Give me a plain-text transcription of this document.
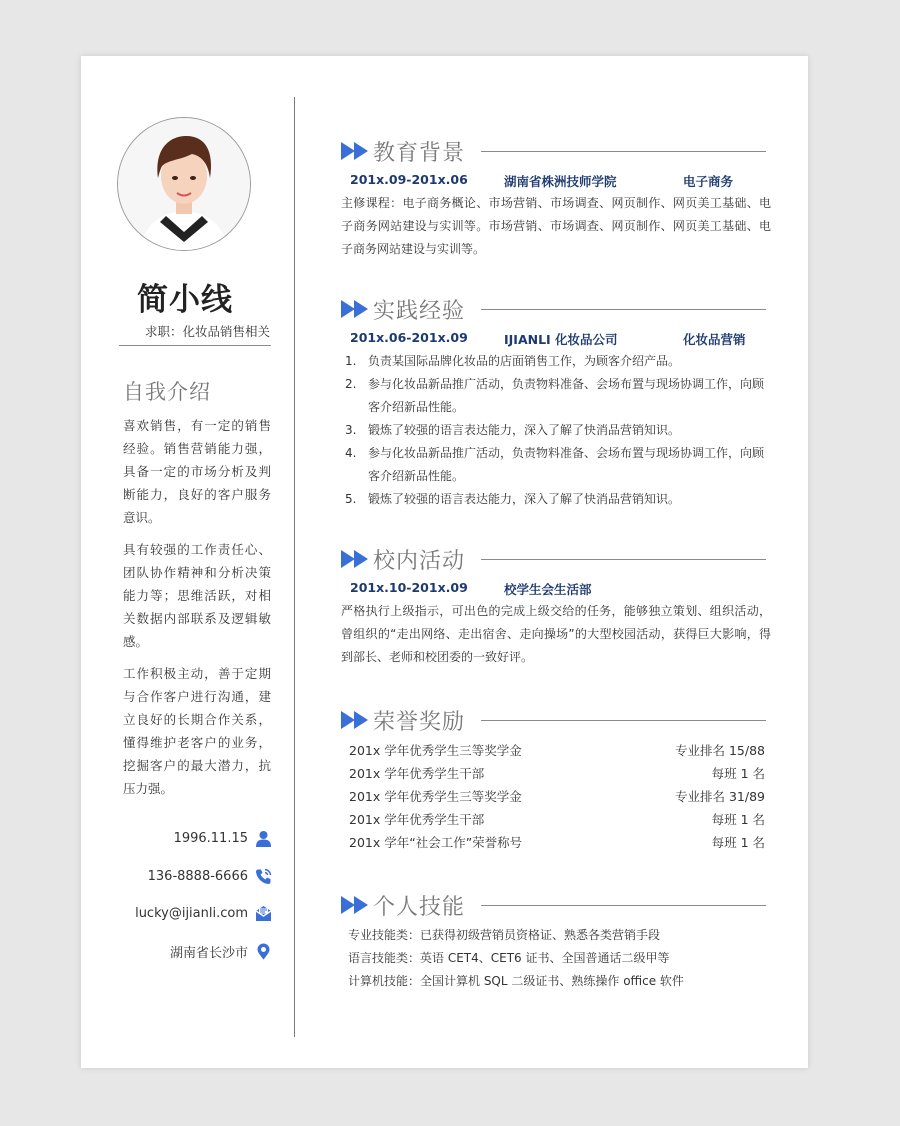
简小线
求职：化妆品销售相关
自我介绍

喜欢销售，有一定的销售经验。销售营销能力强，具备一定的市场分析及判断能力，良好的客户服务意识。

具有较强的工作责任心、团队协作精神和分析决策能力等；思维活跃，对相关数据内部联系及逻辑敏感。

工作积极主动，善于定期与合作客户进行沟通，建立良好的长期合作关系，懂得维护老客户的业务，挖掘客户的最大潜力，抗压力强。

1996.11.15
136-8888-6666
lucky@ijianli.com
湖南省长沙市
教育背景
201x.09-201x.06	湖南省株洲技师学院	电子商务

主修课程：电子商务概论、市场营销、市场调查、网页制作、网页美工基础、电子商务网站建设与实训等。市场营销、市场调查、网页制作、网页美工基础、电子商务网站建设与实训等。

实践经验
201x.06-201x.09	IJIANLI 化妆品公司	化妆品营销
1. 负责某国际品牌化妆品的店面销售工作，为顾客介绍产品。
2. 参与化妆品新品推广活动，负责物料准备、会场布置与现场协调工作，向顾客介绍新品性能。
3. 锻炼了较强的语言表达能力，深入了解了快消品营销知识。
4. 参与化妆品新品推广活动，负责物料准备、会场布置与现场协调工作，向顾客介绍新品性能。
5. 锻炼了较强的语言表达能力，深入了解了快消品营销知识。
校内活动
201x.10-201x.09	校学生会生活部

严格执行上级指示，可出色的完成上级交给的任务，能够独立策划、组织活动，曾组织的“走出网络、走出宿舍、走向操场”的大型校园活动，获得巨大影响，得到部长、老师和校团委的一致好评。

荣誉奖励
201x 学年优秀学生三等奖学金	专业排名 15/88
201x 学年优秀学生干部	每班 1 名
201x 学年优秀学生三等奖学金	专业排名 31/89
201x 学年优秀学生干部	每班 1 名
201x 学年“社会工作”荣誉称号	每班 1 名
个人技能
专业技能类：已获得初级营销员资格证、熟悉各类营销手段
语言技能类：英语 CET4、CET6 证书、全国普通话二级甲等
计算机技能：全国计算机 SQL 二级证书、熟练操作 office 软件
